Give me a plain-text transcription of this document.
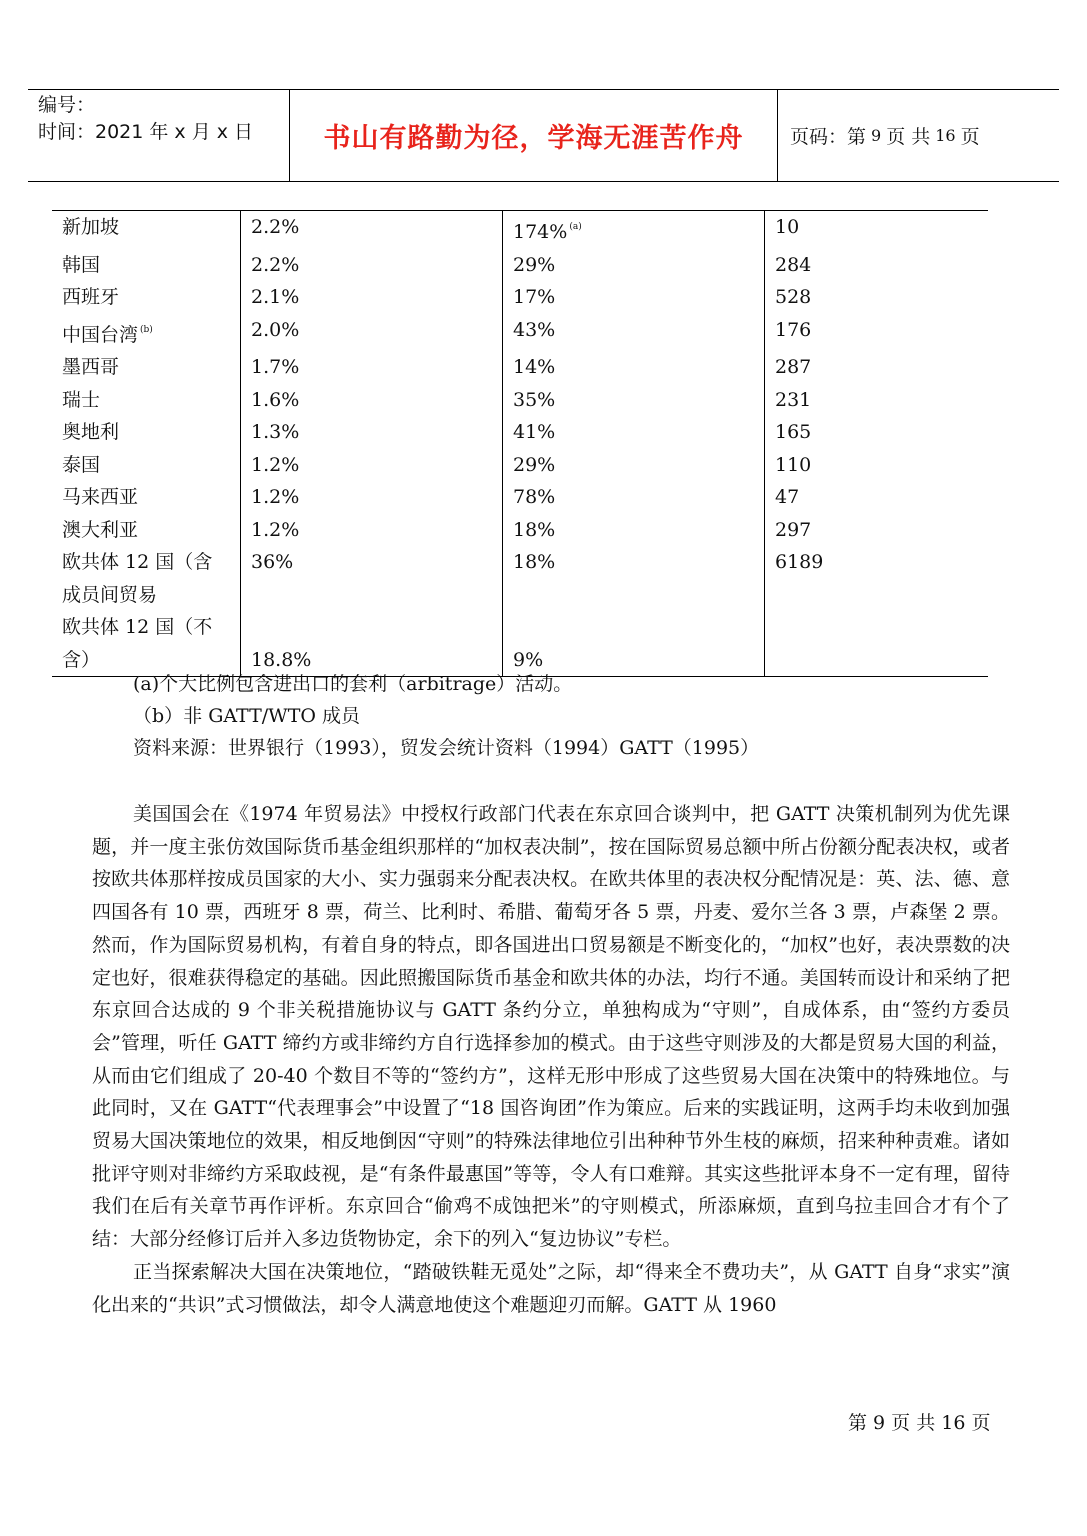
编号：
时间：2021 年 x 月 x 日	书山有路勤为径，学海无涯苦作舟	页码：第 9 页 共 16 页
新加坡	2.2%	174% $^{(a)}$	10
韩国	2.2%	29%	284
西班牙	2.1%	17%	528
中国台湾 $^{(b)}$	2.0%	43%	176
墨西哥	1.7%	14%	287
瑞士	1.6%	35%	231
奥地利	1.3%	41%	165
泰国	1.2%	29%	110
马来西亚	1.2%	78%	47
澳大利亚	1.2%	18%	297

欧共体 12 国（含
成员间贸易	36%	18%	6189

欧共体 12 国（不
含）	18.8%	9%	

(a)个大比例包含进出口的套利（arbitrage）活动。
（b）非 GATT/WTO 成员
资料来源：世界银行（1993），贸发会统计资料（1994）GATT（1995）

美国国会在《1974 年贸易法》中授权行政部门代表在东京回合谈判中，把 GATT 决策机制列为优先课题，并一度主张仿效国际货币基金组织那样的“加权表决制”，按在国际贸易总额中所占份额分配表决权，或者按欧共体那样按成员国家的大小、实力强弱来分配表决权。在欧共体里的表决权分配情况是：英、法、德、意四国各有 10 票，西班牙 8 票，荷兰、比利时、希腊、葡萄牙各 5 票，丹麦、爱尔兰各 3 票，卢森堡 2 票。然而，作为国际贸易机构，有着自身的特点，即各国进出口贸易额是不断变化的，“加权”也好，表决票数的决定也好，很难获得稳定的基础。因此照搬国际货币基金和欧共体的办法，均行不通。美国转而设计和采纳了把东京回合达成的 9 个非关税措施协议与 GATT 条约分立，单独构成为“守则”，自成体系，由“签约方委员会”管理，听任 GATT 缔约方或非缔约方自行选择参加的模式。由于这些守则涉及的大都是贸易大国的利益，从而由它们组成了 20-40 个数目不等的“签约方”，这样无形中形成了这些贸易大国在决策中的特殊地位。与此同时，又在 GATT“代表理事会”中设置了“18 国咨询团”作为策应。后来的实践证明，这两手均未收到加强贸易大国决策地位的效果，相反地倒因“守则”的特殊法律地位引出种种节外生枝的麻烦，招来种种责难。诸如批评守则对非缔约方采取歧视，是“有条件最惠国”等等，令人有口难辩。其实这些批评本身不一定有理，留待我们在后有关章节再作评析。东京回合“偷鸡不成蚀把米”的守则模式，所添麻烦，直到乌拉圭回合才有个了结：大部分经修订后并入多边货物协定，余下的列入“复边协议”专栏。

正当探索解决大国在决策地位，“踏破铁鞋无觅处”之际，却“得来全不费功夫”，从 GATT 自身“求实”演化出来的“共识”式习惯做法，却令人满意地使这个难题迎刃而解。GATT 从 1960

第 9 页 共 16 页
